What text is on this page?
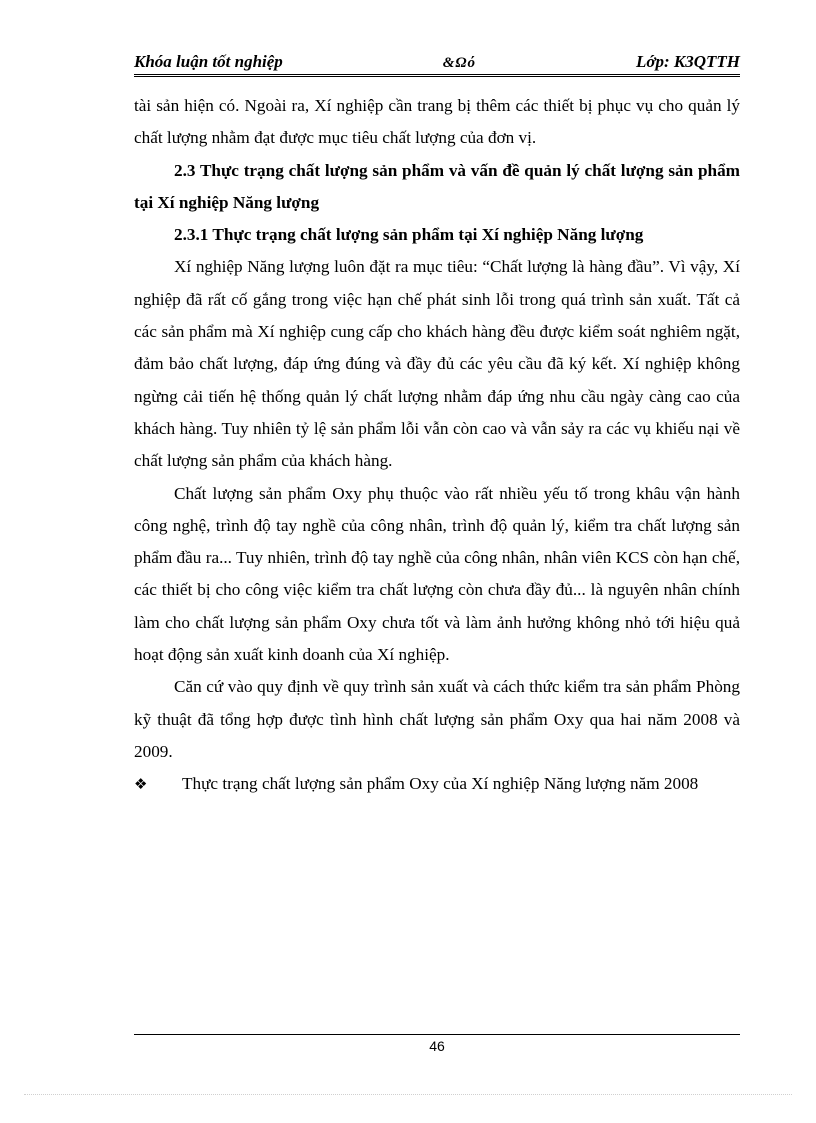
Khóa luận tốt nghiệp	&Ωό	Lớp: K3QTTH

tài sản hiện có. Ngoài ra, Xí nghiệp cần trang bị thêm các thiết bị phục vụ cho quản lý chất lượng nhằm đạt được mục tiêu chất lượng của đơn vị.

2.3 Thực trạng chất lượng sản phẩm và vấn đề quản lý chất lượng sản phẩm tại Xí nghiệp Năng lượng

2.3.1 Thực trạng chất lượng sản phẩm tại Xí nghiệp Năng lượng

Xí nghiệp Năng lượng luôn đặt ra mục tiêu: “Chất lượng là hàng đầu”. Vì vậy, Xí nghiệp đã rất cố gắng trong việc hạn chế phát sinh lỗi trong quá trình sản xuất. Tất cả các sản phẩm mà Xí nghiệp cung cấp cho khách hàng đều được kiểm soát nghiêm ngặt, đảm bảo chất lượng, đáp ứng đúng và đầy đủ các yêu cầu đã ký kết. Xí nghiệp không ngừng cải tiến hệ thống quản lý chất lượng nhằm đáp ứng nhu cầu ngày càng cao của khách hàng. Tuy nhiên tỷ lệ sản phẩm lỗi vẫn còn cao và vẫn sảy ra các vụ khiếu nại về chất lượng sản phẩm của khách hàng.

Chất lượng sản phẩm Oxy phụ thuộc vào rất nhiều yếu tố trong khâu vận hành công nghệ, trình độ tay nghề của công nhân, trình độ quản lý, kiểm tra chất lượng sản phẩm đầu ra... Tuy nhiên, trình độ tay nghề của công nhân, nhân viên KCS còn hạn chế, các thiết bị cho công việc kiểm tra chất lượng còn chưa đầy đủ... là nguyên nhân chính làm cho chất lượng sản phẩm Oxy chưa tốt và làm ảnh hưởng không nhỏ tới hiệu quả hoạt động sản xuất kinh doanh của Xí nghiệp.

Căn cứ vào quy định về quy trình sản xuất và cách thức kiểm tra sản phẩm Phòng kỹ thuật đã tổng hợp được tình hình chất lượng sản phẩm Oxy qua hai năm 2008 và 2009.

❖	Thực trạng chất lượng sản phẩm Oxy của Xí nghiệp Năng lượng năm 2008
46
